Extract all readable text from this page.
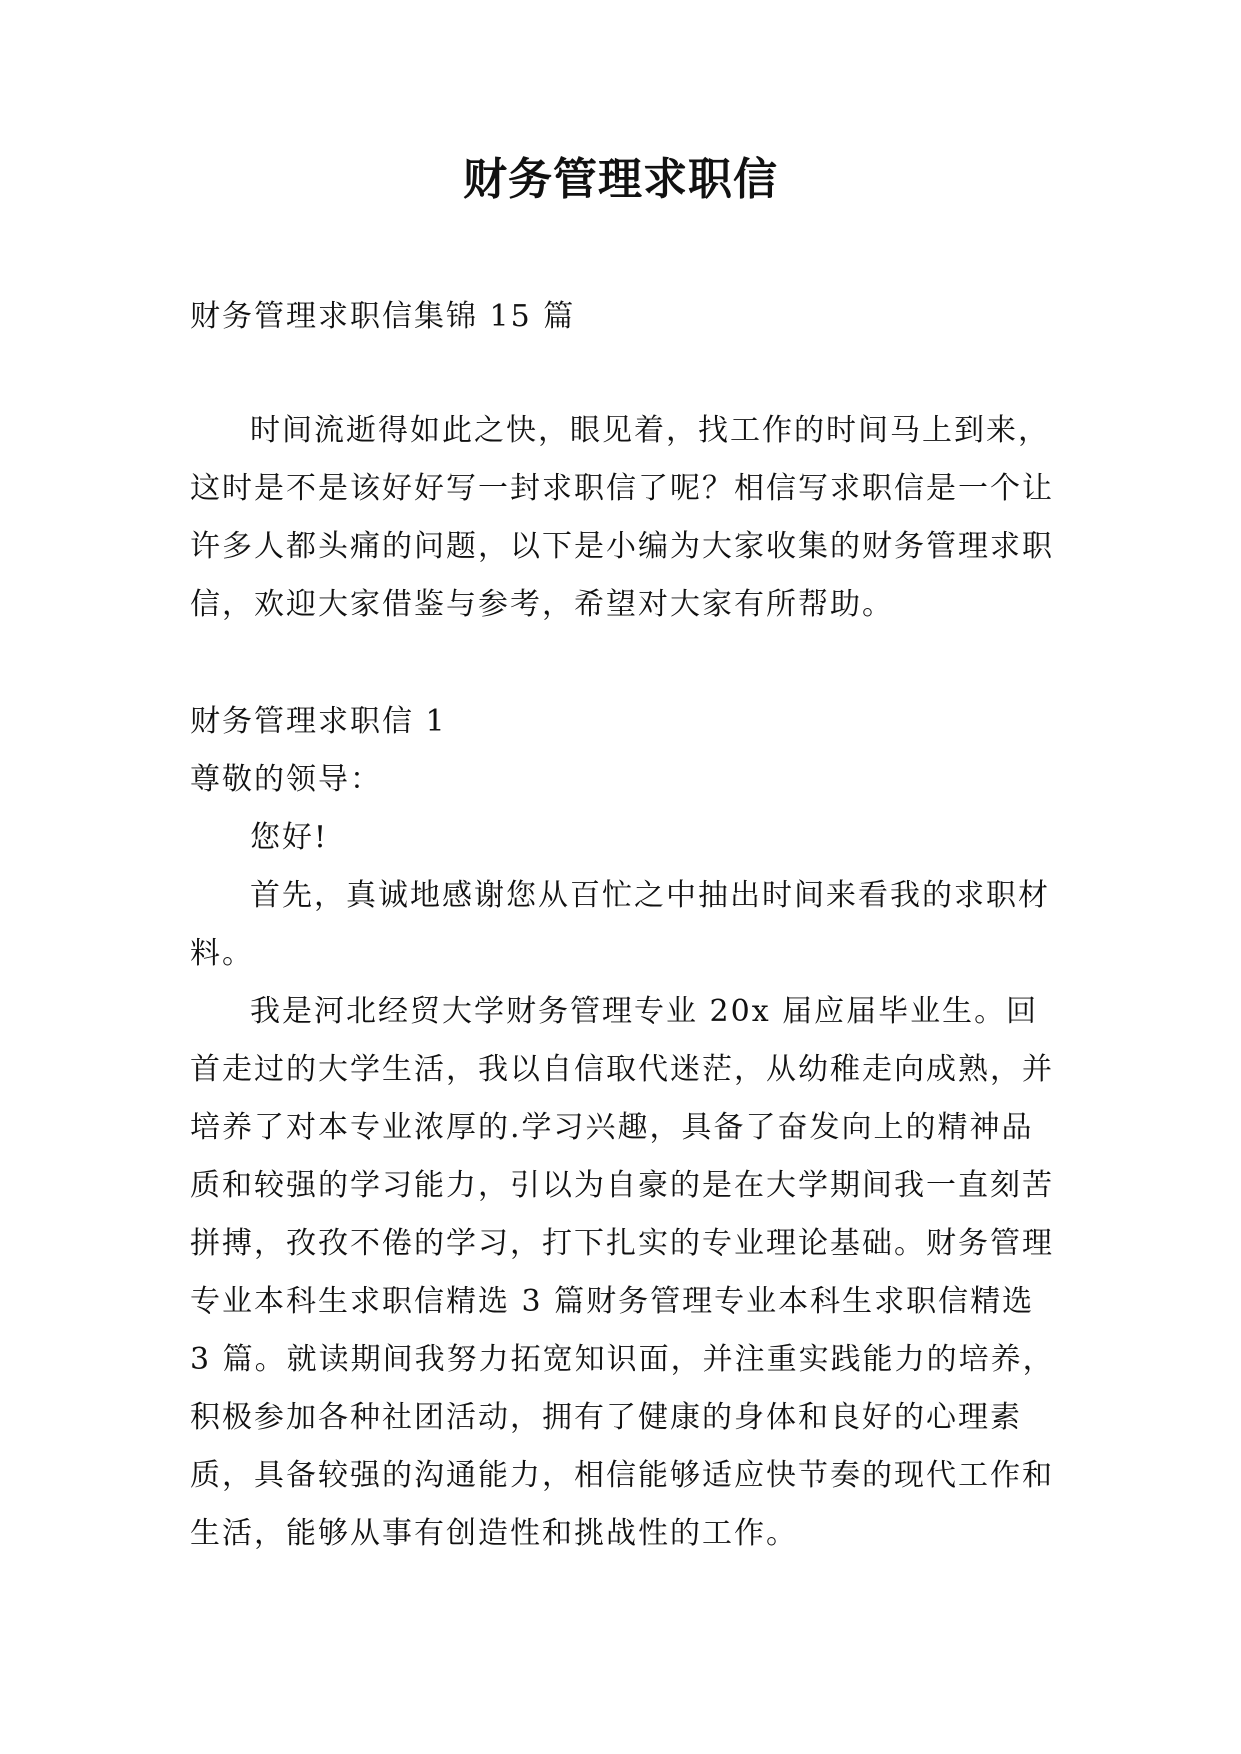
财务管理求职信
财务管理求职信集锦 15 篇
时间流逝得如此之快，眼见着，找工作的时间马上到来，这时是不是该好好写一封求职信了呢？相信写求职信是一个让许多人都头痛的问题，以下是小编为大家收集的财务管理求职信，欢迎大家借鉴与参考，希望对大家有所帮助。
财务管理求职信 1
尊敬的领导：
您好!
首先，真诚地感谢您从百忙之中抽出时间来看我的求职材料。
我是河北经贸大学财务管理专业 20x 届应届毕业生。回首走过的大学生活，我以自信取代迷茫，从幼稚走向成熟，并培养了对本专业浓厚的.学习兴趣，具备了奋发向上的精神品质和较强的学习能力，引以为自豪的是在大学期间我一直刻苦拼搏，孜孜不倦的学习，打下扎实的专业理论基础。财务管理专业本科生求职信精选 3 篇财务管理专业本科生求职信精选 3 篇。就读期间我努力拓宽知识面，并注重实践能力的培养，积极参加各种社团活动，拥有了健康的身体和良好的心理素质，具备较强的沟通能力，相信能够适应快节奏的现代工作和生活，能够从事有创造性和挑战性的工作。
